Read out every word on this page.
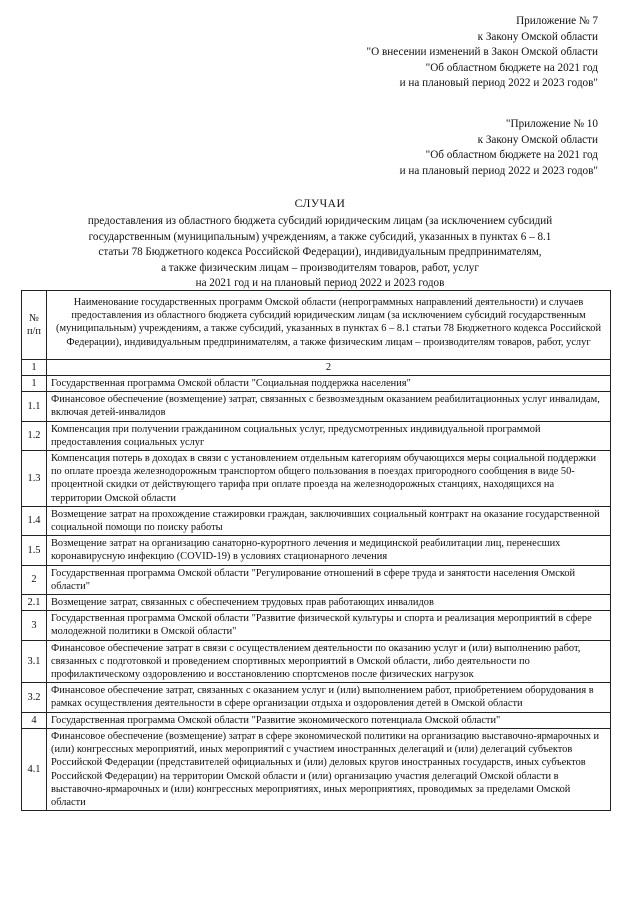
Приложение № 7
к Закону Омской области
"О внесении изменений в Закон Омской области
"Об областном бюджете на 2021 год
и на плановый период 2022 и 2023 годов"
"Приложение № 10
к Закону Омской области
"Об областном бюджете на 2021 год
и на плановый период 2022 и 2023 годов"
СЛУЧАИ
предоставления из областного бюджета субсидий юридическим лицам (за исключением субсидий
государственным (муниципальным) учреждениям, а также субсидий, указанных в пунктах 6 – 8.1
статьи 78 Бюджетного кодекса Российской Федерации), индивидуальным предпринимателям,
а также физическим лицам – производителям товаров, работ, услуг
на 2021 год и на плановый период 2022 и 2023 годов
№ п/п	Наименование государственных программ Омской области (непрограммных направлений деятельности) и случаев предоставления из областного бюджета субсидий юридическим лицам (за исключением субсидий государственным (муниципальным) учреждениям, а также субсидий, указанных в пунктах 6 – 8.1 статьи 78 Бюджетного кодекса Российской Федерации), индивидуальным предпринимателям, а также физическим лицам – производителям товаров, работ, услуг
1	2
1	Государственная программа Омской области "Социальная поддержка населения"
1.1	Финансовое обеспечение (возмещение) затрат, связанных с безвозмездным оказанием реабилитационных услуг инвалидам, включая детей-инвалидов
1.2	Компенсация при получении гражданином социальных услуг, предусмотренных индивидуальной программой предоставления социальных услуг
1.3	Компенсация потерь в доходах в связи с установлением отдельным категориям обучающихся меры социальной поддержки по оплате проезда железнодорожным транспортом общего пользования в поездах пригородного сообщения в виде 50-процентной скидки от действующего тарифа при оплате проезда на железнодорожных станциях, находящихся на территории Омской области
1.4	Возмещение затрат на прохождение стажировки граждан, заключивших социальный контракт на оказание государственной социальной помощи по поиску работы
1.5	Возмещение затрат на организацию санаторно-курортного лечения и медицинской реабилитации лиц, перенесших коронавирусную инфекцию (COVID-19) в условиях стационарного лечения
2	Государственная программа Омской области "Регулирование отношений в сфере труда и занятости населения Омской области"
2.1	Возмещение затрат, связанных с обеспечением трудовых прав работающих инвалидов
3	Государственная программа Омской области "Развитие физической культуры и спорта и реализация мероприятий в сфере молодежной политики в Омской области"
3.1	Финансовое обеспечение затрат в связи с осуществлением деятельности по оказанию услуг и (или) выполнению работ, связанных с подготовкой и проведением спортивных мероприятий в Омской области, либо деятельности по профилактическому оздоровлению и восстановлению спортсменов после физических нагрузок
3.2	Финансовое обеспечение затрат, связанных с оказанием услуг и (или) выполнением работ, приобретением оборудования в рамках осуществления деятельности в сфере организации отдыха и оздоровления детей в Омской области
4	Государственная программа Омской области "Развитие экономического потенциала Омской области"
4.1	Финансовое обеспечение (возмещение) затрат в сфере экономической политики на организацию выставочно-ярмарочных и (или) конгрессных мероприятий, иных мероприятий с участием иностранных делегаций и (или) делегаций субъектов Российской Федерации (представителей официальных и (или) деловых кругов иностранных государств, иных субъектов Российской Федерации) на территории Омской области и (или) организацию участия делегаций Омской области в выставочно-ярмарочных и (или) конгрессных мероприятиях, иных мероприятиях, проводимых за пределами Омской области
